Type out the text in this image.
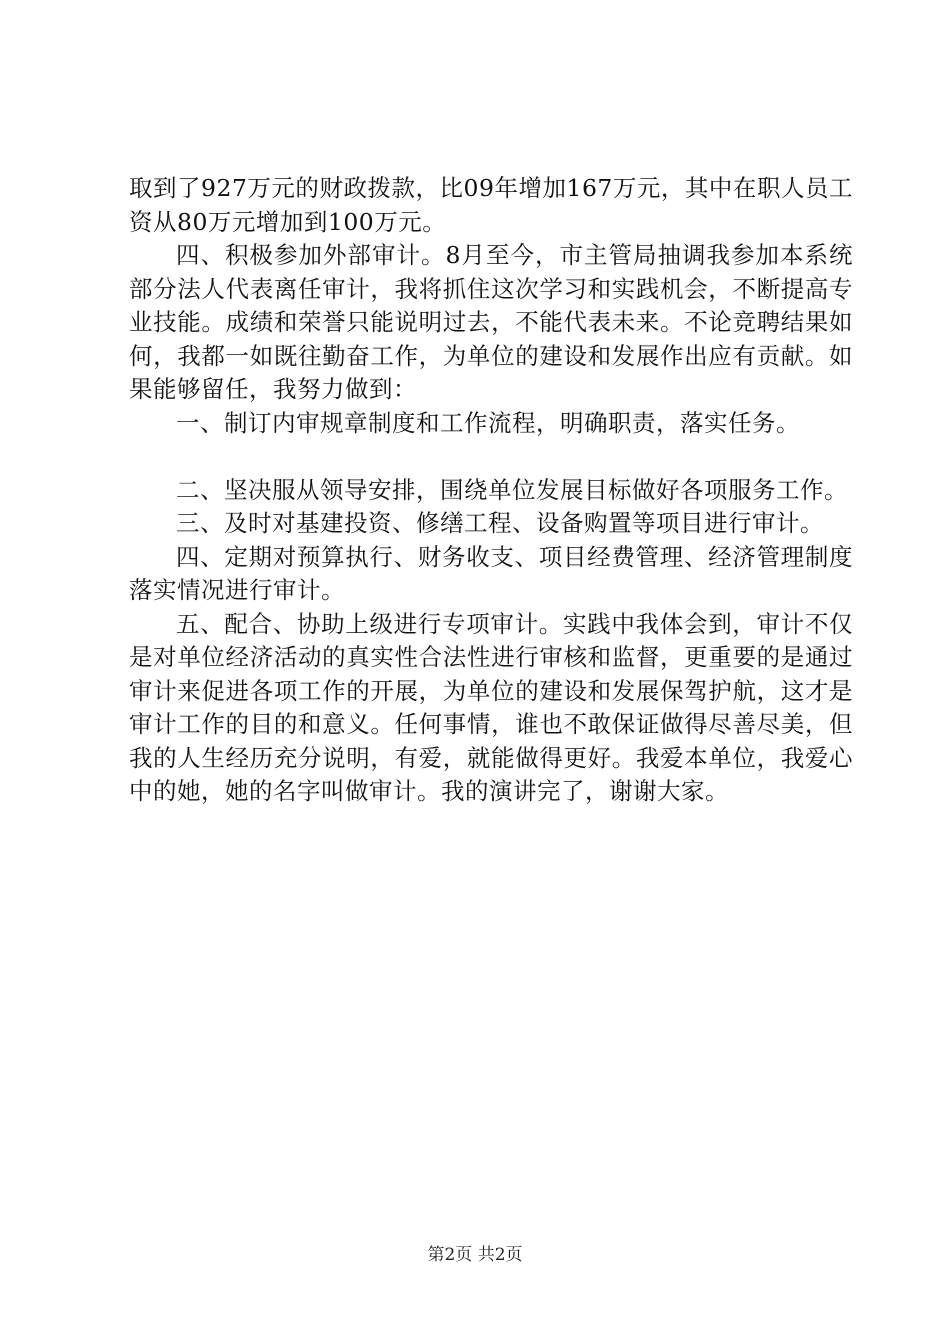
取到了927万元的财政拨款，比09年增加167万元，其中在职人员工资从80万元增加到100万元。

四、积极参加外部审计。8月至今，市主管局抽调我参加本系统部分法人代表离任审计，我将抓住这次学习和实践机会，不断提高专业技能。成绩和荣誉只能说明过去，不能代表未来。不论竞聘结果如何，我都一如既往勤奋工作，为单位的建设和发展作出应有贡献。如果能够留任，我努力做到：

一、制订内审规章制度和工作流程，明确职责，落实任务。

二、坚决服从领导安排，围绕单位发展目标做好各项服务工作。

三、及时对基建投资、修缮工程、设备购置等项目进行审计。

四、定期对预算执行、财务收支、项目经费管理、经济管理制度落实情况进行审计。

五、配合、协助上级进行专项审计。实践中我体会到，审计不仅是对单位经济活动的真实性合法性进行审核和监督，更重要的是通过审计来促进各项工作的开展，为单位的建设和发展保驾护航，这才是审计工作的目的和意义。任何事情，谁也不敢保证做得尽善尽美，但我的人生经历充分说明，有爱，就能做得更好。我爱本单位，我爱心中的她，她的名字叫做审计。我的演讲完了，谢谢大家。

第2页 共2页
